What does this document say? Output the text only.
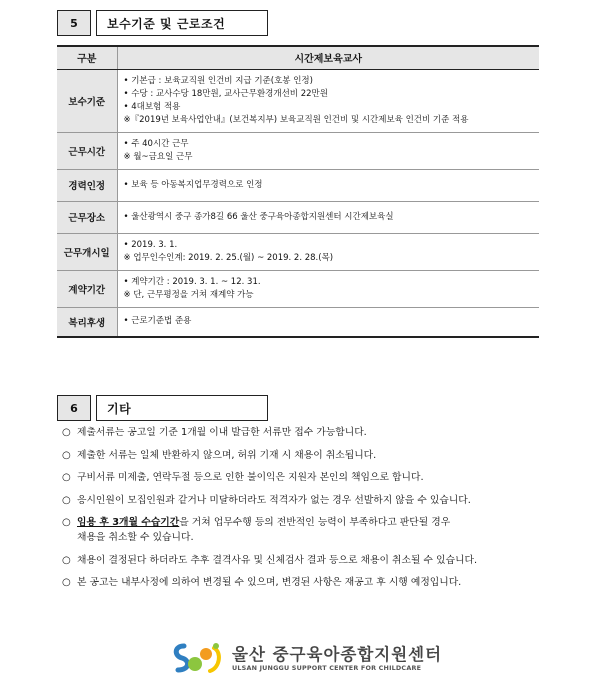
5	보수기준 및 근로조건
구분	시간제보육교사
보수기준	• 기본급 : 보육교직원 인건비 지급 기준(호봉 인정)
• 수당 : 교사수당 18만원, 교사근무환경개선비 22만원
• 4대보험 적용
※『2019년 보육사업안내』(보건복지부) 보육교직원 인건비 및 시간제보육 인건비 기준 적용

근무시간	• 주 40시간 근무
※ 월~금요일 근무

경력인정	• 보육 등 아동복지업무경력으로 인정

근무장소	• 울산광역시 중구 종가8길 66 울산 중구육아종합지원센터 시간제보육실

근무개시일	• 2019. 3. 1.
※ 업무인수인계: 2019. 2. 25.(월) ~ 2019. 2. 28.(목)

계약기간	• 계약기간 : 2019. 3. 1. ~ 12. 31.
※ 단, 근무평정을 거쳐 재계약 가능

복리후생	• 근로기준법 준용
6	기타
○ 제출서류는 공고일 기준 1개월 이내 발급한 서류만 접수 가능합니다.
○ 제출한 서류는 일체 반환하지 않으며, 허위 기재 시 채용이 취소됩니다.
○ 구비서류 미제출, 연락두절 등으로 인한 불이익은 지원자 본인의 책임으로 합니다.
○ 응시인원이 모집인원과 같거나 미달하더라도 적격자가 없는 경우 선발하지 않을 수 있습니다.
○ 임용 후 3개월 수습기간을 거쳐 업무수행 등의 전반적인 능력이 부족하다고 판단될 경우
채용을 취소할 수 있습니다.
○ 채용이 결정된다 하더라도 추후 결격사유 및 신체검사 결과 등으로 채용이 취소될 수 있습니다.
○ 본 공고는 내부사정에 의하여 변경될 수 있으며, 변경된 사항은 재공고 후 시행 예정입니다.
울산 중구육아종합지원센터
ULSAN JUNGGU SUPPORT CENTER FOR CHILDCARE
